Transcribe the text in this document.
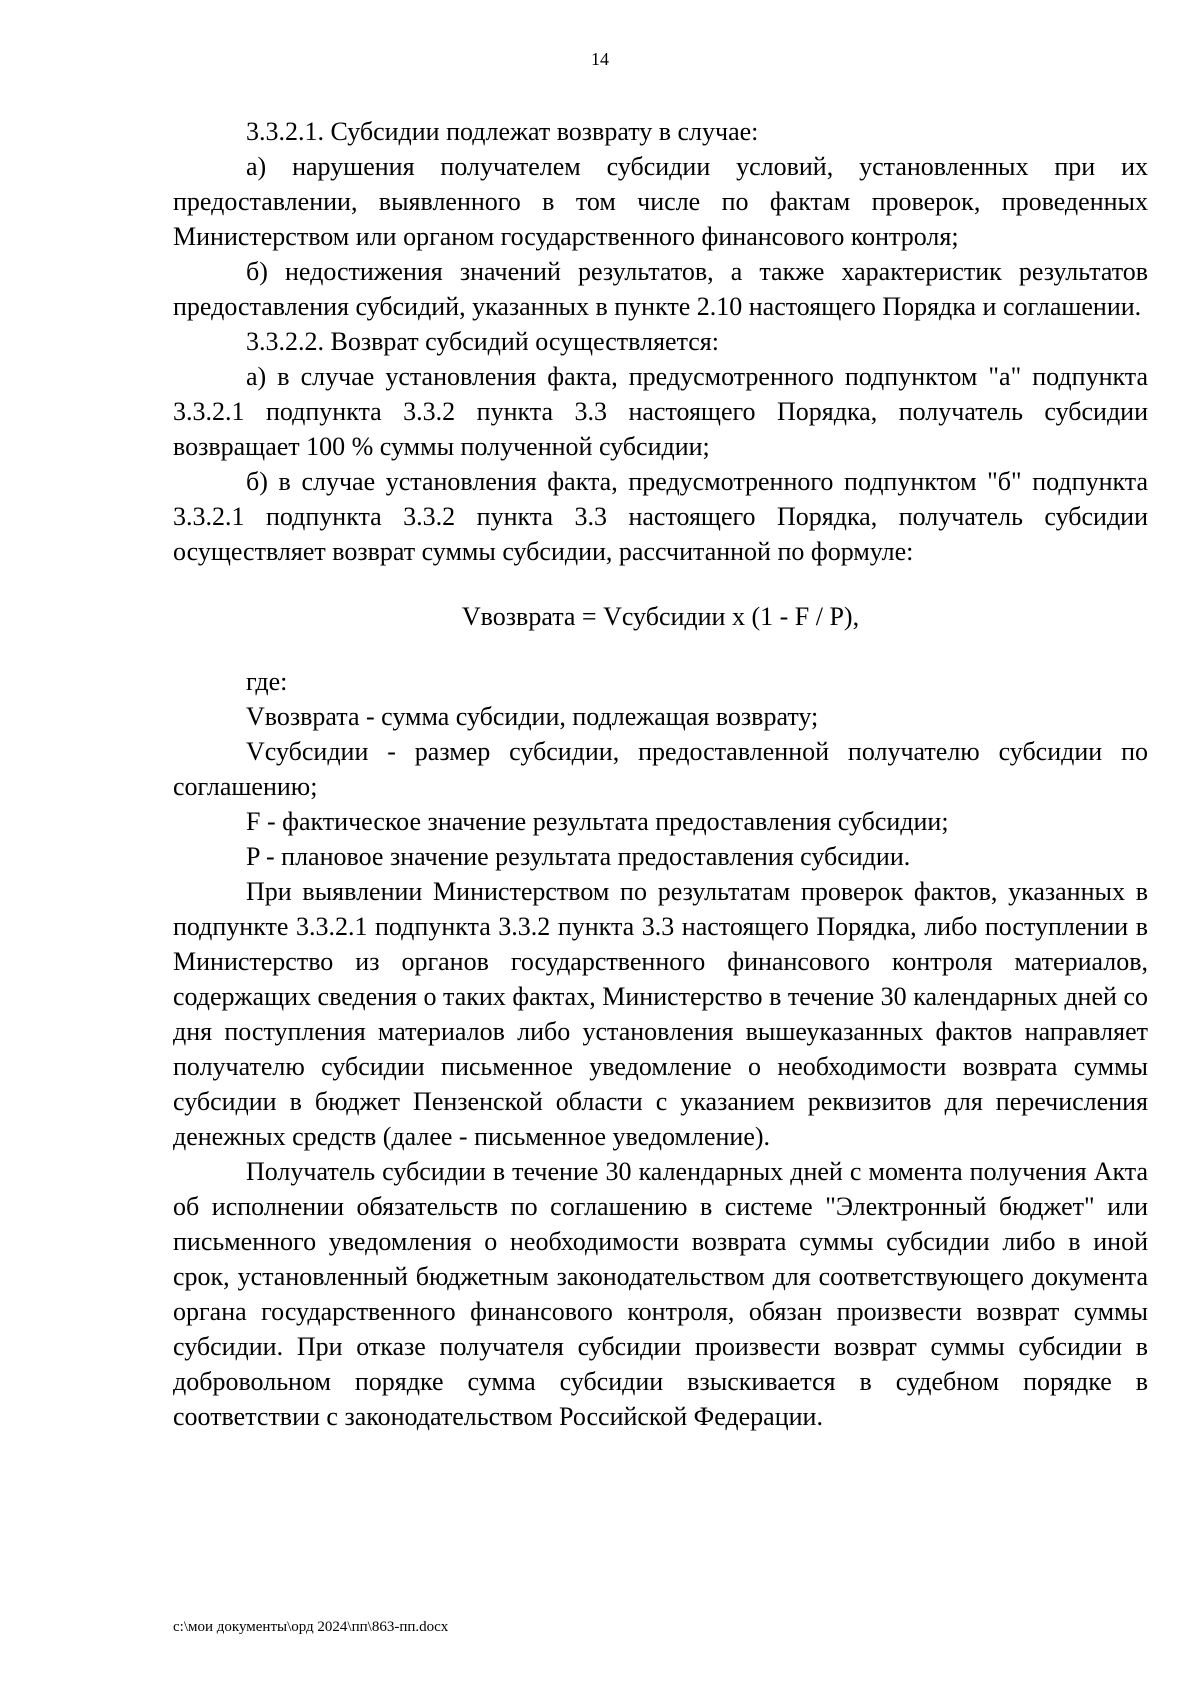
14

3.3.2.1. Субсидии подлежат возврату в случае:

а) нарушения получателем субсидии условий, установленных при их предоставлении, выявленного в том числе по фактам проверок, проведенных Министерством или органом государственного финансового контроля;

б) недостижения значений результатов, а также характеристик результатов предоставления субсидий, указанных в пункте 2.10 настоящего Порядка и соглашении.

3.3.2.2. Возврат субсидий осуществляется:

а) в случае установления факта, предусмотренного подпунктом "а" подпункта 3.3.2.1 подпункта 3.3.2 пункта 3.3 настоящего Порядка, получатель субсидии возвращает 100 % суммы полученной субсидии;

б) в случае установления факта, предусмотренного подпунктом "б" подпункта 3.3.2.1 подпункта 3.3.2 пункта 3.3 настоящего Порядка, получатель субсидии осуществляет возврат суммы субсидии, рассчитанной по формуле:

Vвозврата = Vсубсидии x (1 - F / P),

где:

Vвозврата - сумма субсидии, подлежащая возврату;

Vсубсидии - размер субсидии, предоставленной получателю субсидии по соглашению;

F - фактическое значение результата предоставления субсидии;

P - плановое значение результата предоставления субсидии.

При выявлении Министерством по результатам проверок фактов, указанных в подпункте 3.3.2.1 подпункта 3.3.2 пункта 3.3 настоящего Порядка, либо поступлении в Министерство из органов государственного финансового контроля материалов, содержащих сведения о таких фактах, Министерство в течение 30 календарных дней со дня поступления материалов либо установления вышеуказанных фактов направляет получателю субсидии письменное уведомление о необходимости возврата суммы субсидии в бюджет Пензенской области с указанием реквизитов для перечисления денежных средств (далее - письменное уведомление).

Получатель субсидии в течение 30 календарных дней с момента получения Акта об исполнении обязательств по соглашению в системе "Электронный бюджет" или письменного уведомления о необходимости возврата суммы субсидии либо в иной срок, установленный бюджетным законодательством для соответствующего документа органа государственного финансового контроля, обязан произвести возврат суммы субсидии. При отказе получателя субсидии произвести возврат суммы субсидии в добровольном порядке сумма субсидии взыскивается в судебном порядке в соответствии с законодательством Российской Федерации.

c:\мои документы\орд 2024\пп\863-пп.docx
